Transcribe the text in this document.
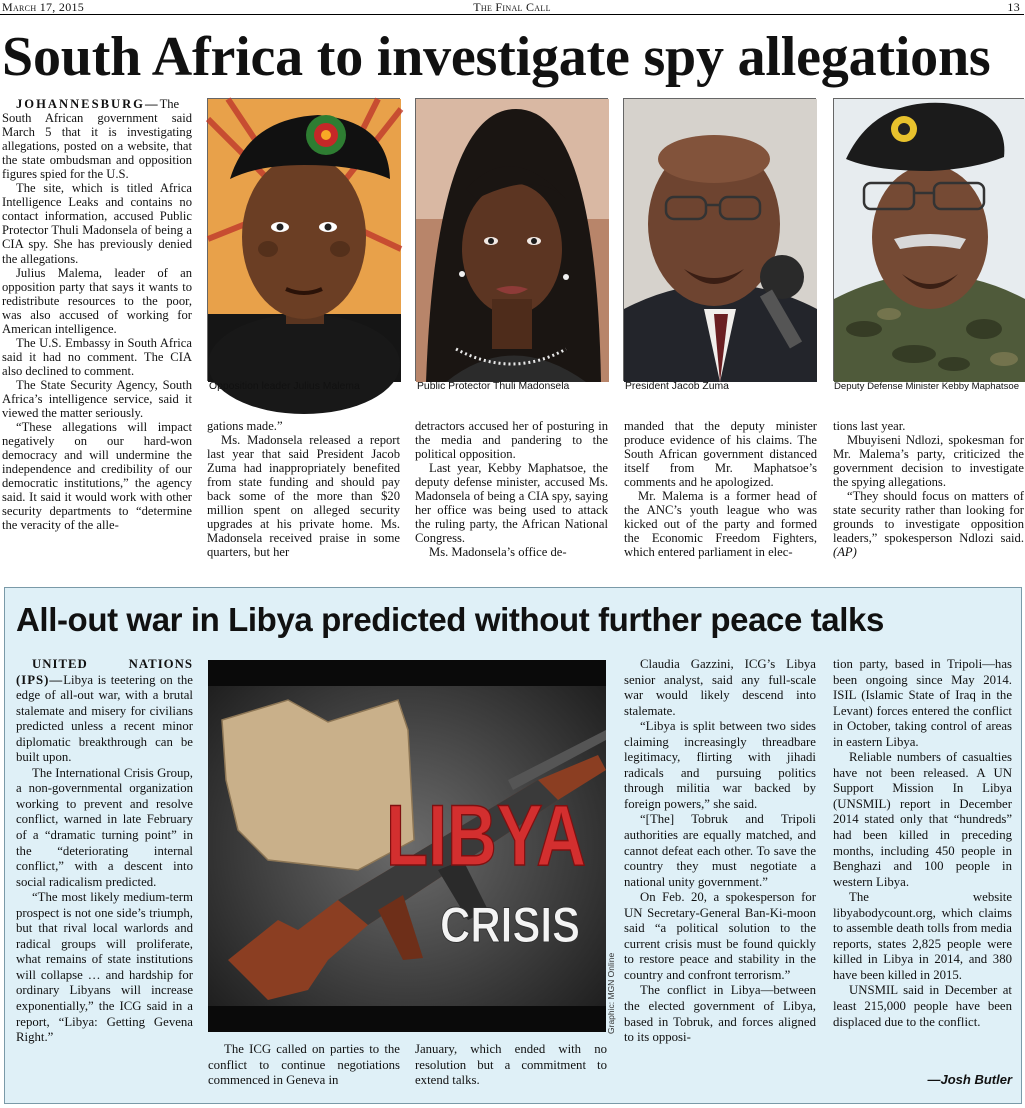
March 17, 2015	The Final Call	13
South Africa to investigate spy allegations

JOHANNESBURG—The South African government said March 5 that it is investigating allegations, posted on a website, that the state ombudsman and opposition figures spied for the U.S.

The site, which is titled Africa Intelligence Leaks and contains no contact information, accused Public Protector Thuli Madonsela of being a CIA spy. She has previously denied the allegations.

Julius Malema, leader of an opposition party that says it wants to redistribute resources to the poor, was also accused of working for American intelligence.

The U.S. Embassy in South Africa said it had no comment. The CIA also declined to comment.

The State Security Agency, South Africa’s intelligence service, said it viewed the matter seriously.

“These allegations will impact negatively on our hard-won democracy and will undermine the independence and credibility of our democratic institutions,” the agency said. It said it would work with other security departments to “determine the veracity of the alle-

Opposition leader Julius Malema	Public Protector Thuli Madonsela	President Jacob Zuma	Deputy Defense Minister Kebby Maphatsoe

gations made.”

Ms. Madonsela released a report last year that said President Jacob Zuma had inappropriately benefited from state funding and should pay back some of the more than $20 million spent on alleged security upgrades at his private home. Ms. Madonsela received praise in some quarters, but her

detractors accused her of posturing in the media and pandering to the political opposition.

Last year, Kebby Maphatsoe, the deputy defense minister, accused Ms. Madonsela of being a CIA spy, saying her office was being used to attack the ruling party, the African National Congress.

Ms. Madonsela’s office de-

manded that the deputy minister produce evidence of his claims. The South African government distanced itself from Mr. Maphatsoe’s comments and he apologized.

Mr. Malema is a former head of the ANC’s youth league who was kicked out of the party and formed the Economic Freedom Fighters, which entered parliament in elec-

tions last year.

Mbuyiseni Ndlozi, spokesman for Mr. Malema’s party, criticized the government decision to investigate the spying allegations.

“They should focus on matters of state security rather than looking for grounds to investigate opposition leaders,” spokesperson Ndlozi said. (AP)

All-out war in Libya predicted without further peace talks

UNITED NATIONS (IPS)—Libya is teetering on the edge of all-out war, with a brutal stalemate and misery for civilians predicted unless a recent minor diplomatic breakthrough can be built upon.

The International Crisis Group, a non-governmental organization working to prevent and resolve conflict, warned in late February of a “dramatic turning point” in the “deteriorating internal conflict,” with a descent into social radicalism predicted.

“The most likely medium-term prospect is not one side’s triumph, but that rival local warlords and radical groups will proliferate, what remains of state institutions will collapse … and hardship for ordinary Libyans will increase exponentially,” the ICG said in a report, “Libya: Getting Gevena Right.”

LIBYA
CRISIS
Graphic: MGN Online

The ICG called on parties to the conflict to continue negotiations commenced in Geneva in

January, which ended with no resolution but a commitment to extend talks.

Claudia Gazzini, ICG’s Libya senior analyst, said any full-scale war would likely descend into stalemate.

“Libya is split between two sides claiming increasingly threadbare legitimacy, flirting with jihadi radicals and pursuing politics through militia war backed by foreign powers,” she said.

“[The] Tobruk and Tripoli authorities are equally matched, and cannot defeat each other. To save the country they must negotiate a national unity government.”

On Feb. 20, a spokesperson for UN Secretary-General Ban-Ki-moon said “a political solution to the current crisis must be found quickly to restore peace and stability in the country and confront terrorism.”

The conflict in Libya—between the elected government of Libya, based in Tobruk, and forces aligned to its opposi-

tion party, based in Tripoli—has been ongoing since May 2014. ISIL (Islamic State of Iraq in the Levant) forces entered the conflict in October, taking control of areas in eastern Libya.

Reliable numbers of casualties have not been released. A UN Support Mission In Libya (UNSMIL) report in December 2014 stated only that “hundreds” had been killed in preceding months, including 450 people in Benghazi and 100 people in western Libya.

The website libyabodycount.org, which claims to assemble death tolls from media reports, states 2,825 people were killed in Libya in 2014, and 380 have been killed in 2015.

UNSMIL said in December at least 215,000 people have been displaced due to the conflict.

—Josh Butler
